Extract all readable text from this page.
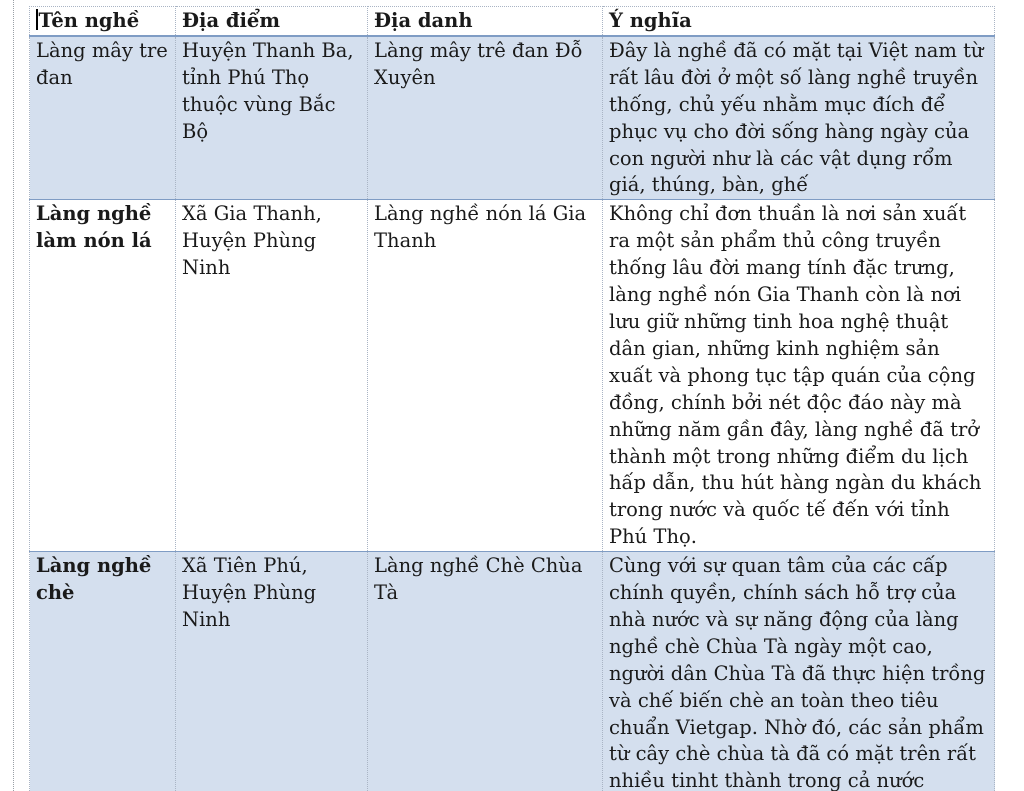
Tên nghề	Địa điểm	Địa danh	Ý nghĩa
Làng mây tre đan	Huyện Thanh Ba, tỉnh Phú Thọ thuộc vùng Bắc Bộ	Làng mây trê đan Đỗ Xuyên	Đây là nghề đã có mặt tại Việt nam từ rất lâu đời ở một số làng nghề truyền thống, chủ yếu nhằm mục đích để phục vụ cho đời sống hàng ngày của con người như là các vật dụng rổm giá, thúng, bàn, ghế
Làng nghề làm nón lá	Xã Gia Thanh, Huyện Phùng Ninh	Làng nghề nón lá Gia Thanh	Không chỉ đơn thuần là nơi sản xuất ra một sản phẩm thủ công truyền thống lâu đời mang tính đặc trưng, làng nghề nón Gia Thanh còn là nơi lưu giữ những tinh hoa nghệ thuật dân gian, những kinh nghiệm sản xuất và phong tục tập quán của cộng đồng, chính bởi nét độc đáo này mà những năm gần đây, làng nghề đã trở thành một trong những điểm du lịch hấp dẫn, thu hút hàng ngàn du khách trong nước và quốc tế đến với tỉnh Phú Thọ.
Làng nghề chè	Xã Tiên Phú, Huyện Phùng Ninh	Làng nghề Chè Chùa Tà	Cùng với sự quan tâm của các cấp chính quyền, chính sách hỗ trợ của nhà nước và sự năng động của làng nghề chè Chùa Tà ngày một cao, người dân Chùa Tà đã thực hiện trồng và chế biến chè an toàn theo tiêu chuẩn Vietgap. Nhờ đó, các sản phẩm từ cây chè chùa tà đã có mặt trên rất nhiều tinht thành trong cả nước
